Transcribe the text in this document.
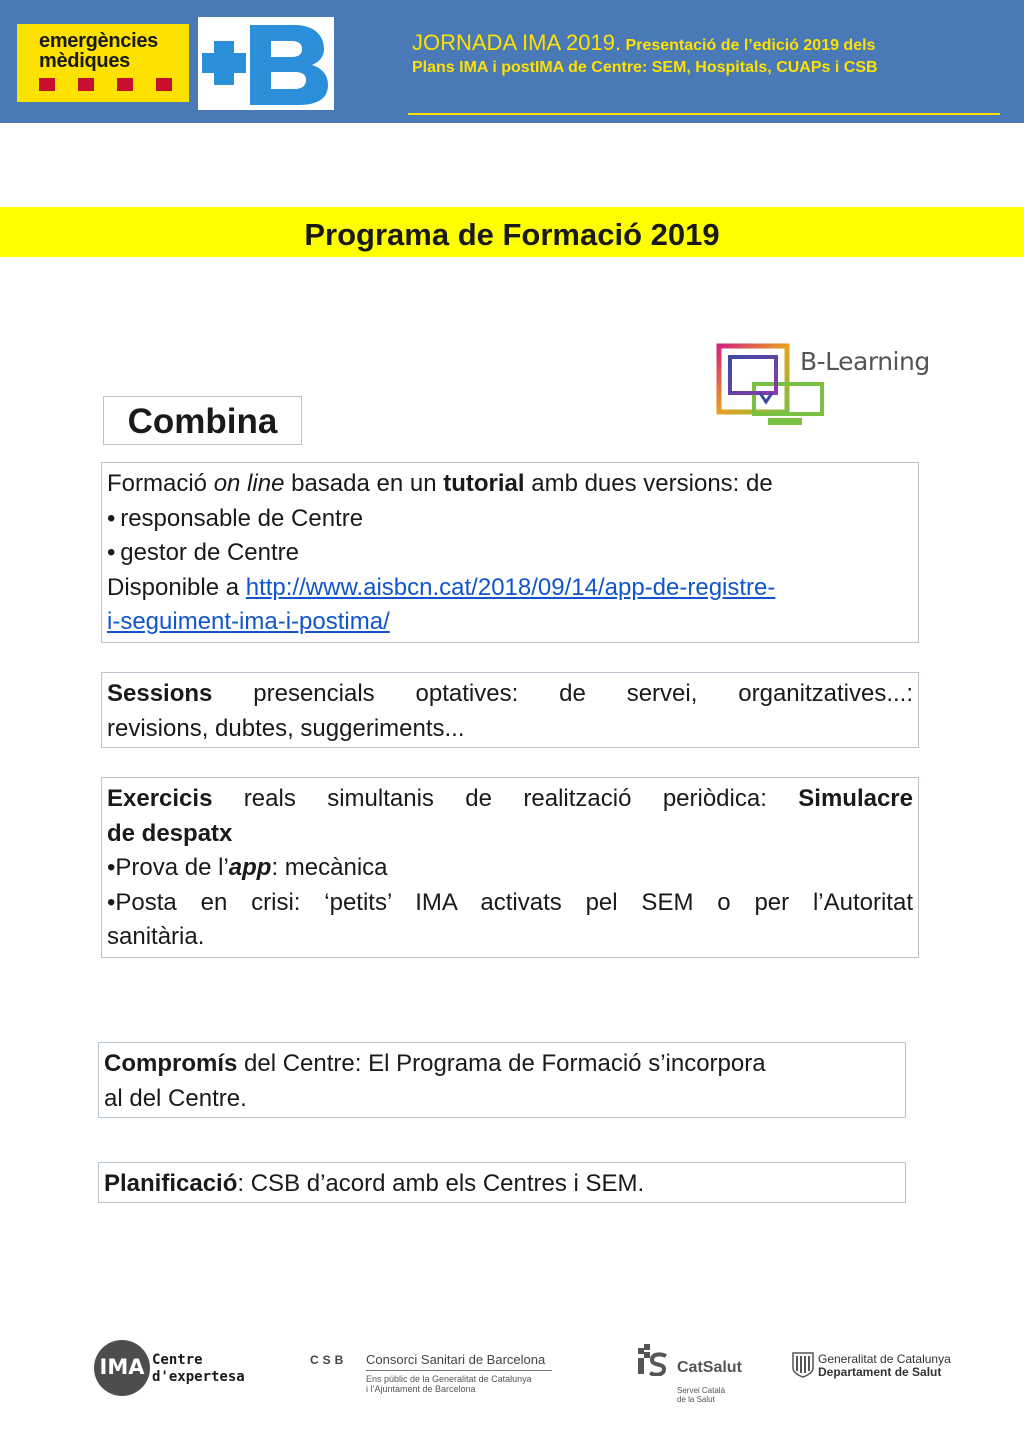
emergències
mèdiques
JORNADA IMA 2019. Presentació de l’edició 2019 dels
Plans IMA i postIMA de Centre: SEM, Hospitals, CUAPs i CSB
Programa de Formació 2019
B-Learning
Combina
Formació on line basada en un tutorial amb dues versions: de
• responsable de Centre
• gestor de Centre
Disponible a http://www.aisbcn.cat/2018/09/14/app-de-registre-
i-seguiment-ima-i-postima/
Sessions presencials optatives: de servei, organitzatives...:
revisions, dubtes, suggeriments...
Exercicis reals simultanis de realització periòdica: Simulacre
de despatx
•Prova de l’app: mecànica
•Posta en crisi: ‘petits’ IMA activats pel SEM o per l’Autoritat
sanitària.
Compromís del Centre: El Programa de Formació s’incorpora
al del Centre.
Planificació: CSB d’acord amb els Centres i SEM.
IMA Centre
d'expertesa
CSB Consorci Sanitari de Barcelona
Ens públic de la Generalitat de Catalunya
i l’Ajuntament de Barcelona
CatSalut
Servei Català
de la Salut
Generalitat de Catalunya
Departament de Salut
